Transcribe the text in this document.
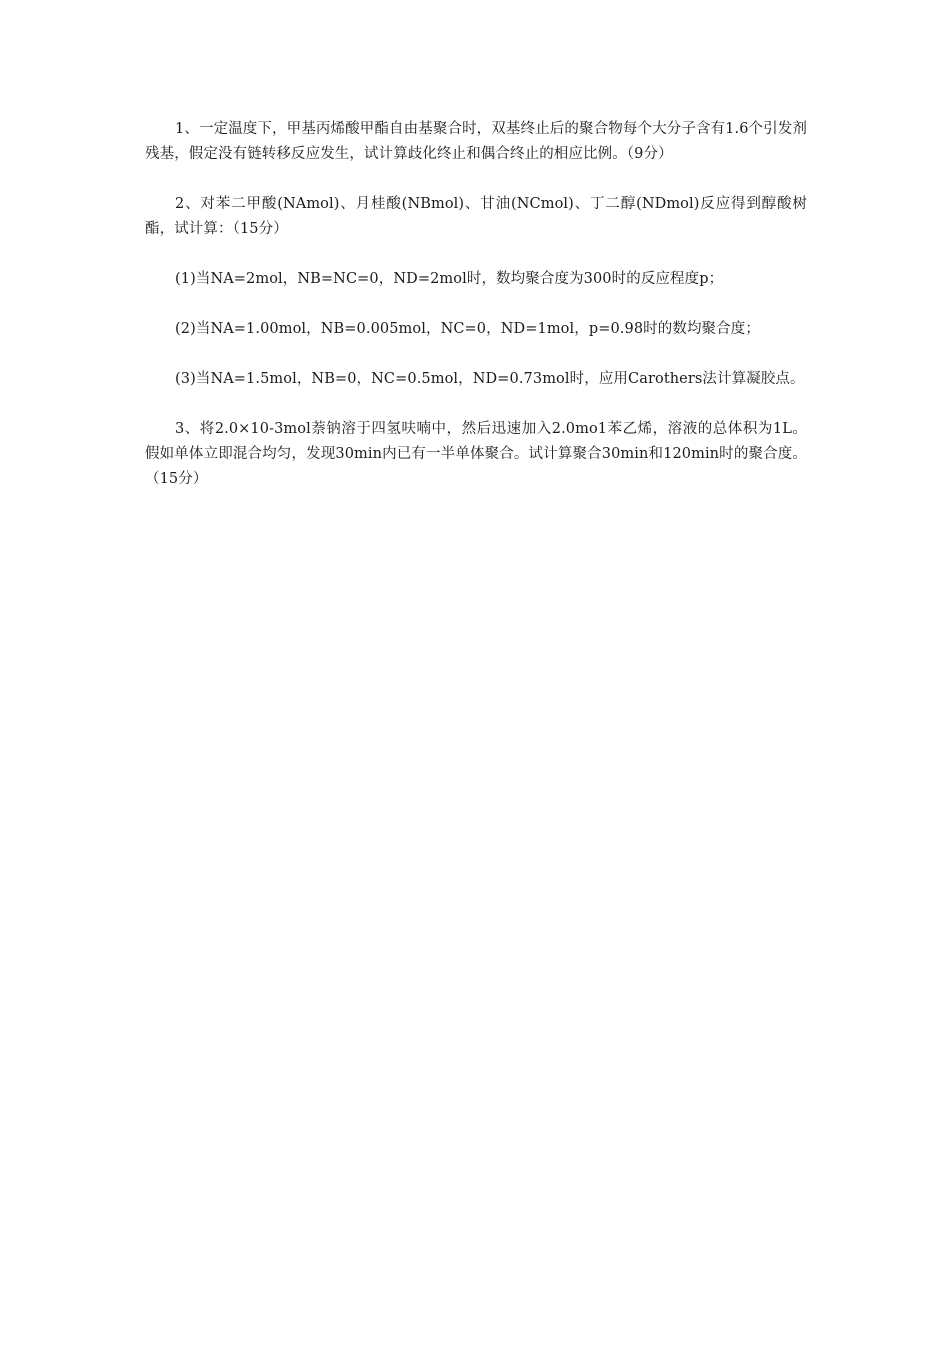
1、一定温度下，甲基丙烯酸甲酯自由基聚合时，双基终止后的聚合物每个大分子含有1.6个引发剂残基，假定没有链转移反应发生，试计算歧化终止和偶合终止的相应比例。（9分）

2、对苯二甲酸(NAmol)、月桂酸(NBmol)、甘油(NCmol)、丁二醇(NDmol)反应得到醇酸树酯，试计算：（15分）

(1)当NA=2mol，NB=NC=0，ND=2mol时，数均聚合度为300时的反应程度p；

(2)当NA=1.00mol，NB=0.005mol，NC=0，ND=1mol，p=0.98时的数均聚合度；

(3)当NA=1.5mol，NB=0，NC=0.5mol，ND=0.73mol时，应用Carothers法计算凝胶点。

3、将2.0×10-3mol萘钠溶于四氢呋喃中，然后迅速加入2.0mo1苯乙烯，溶液的总体积为1L。假如单体立即混合均匀，发现30min内已有一半单体聚合。试计算聚合30min和120min时的聚合度。（15分）
